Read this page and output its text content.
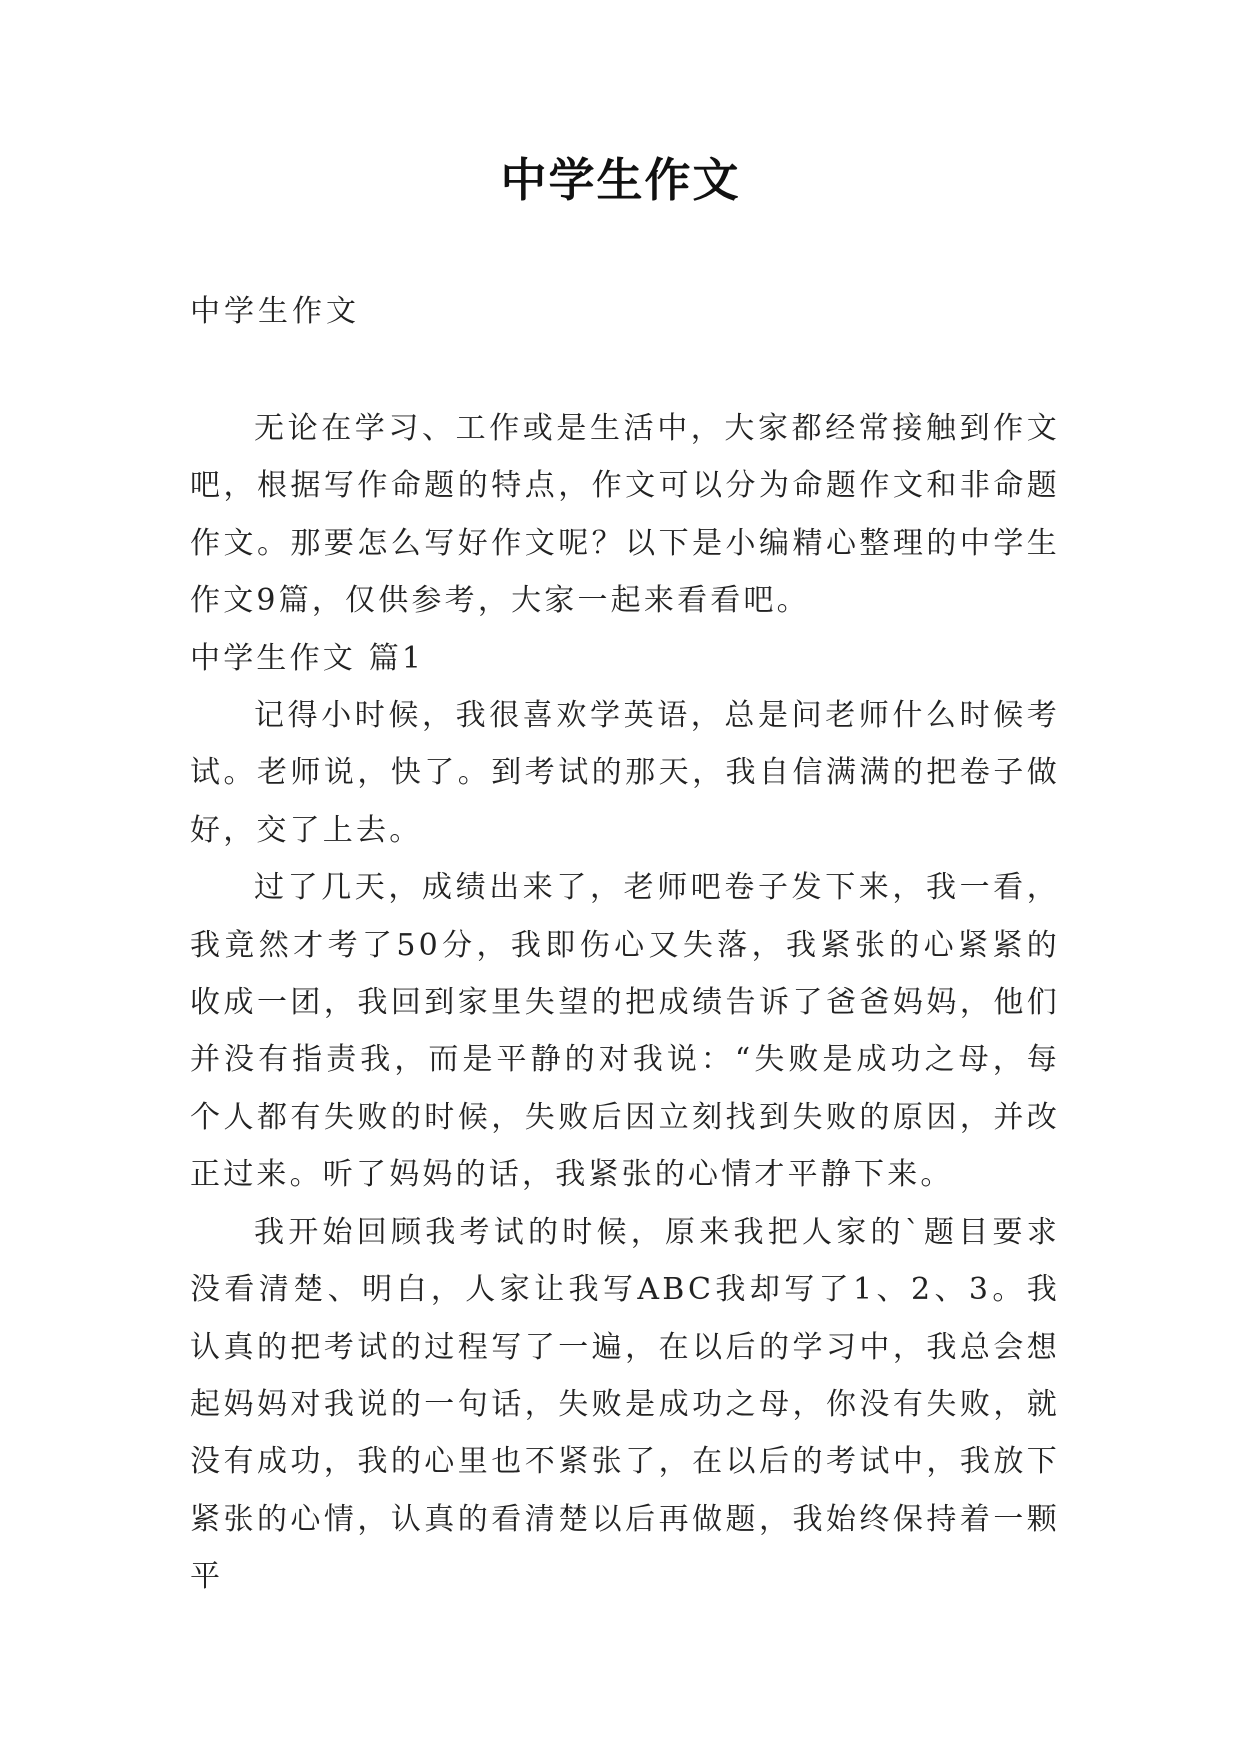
中学生作文
中学生作文

无论在学习、工作或是生活中，大家都经常接触到作文吧，根据写作命题的特点，作文可以分为命题作文和非命题作文。那要怎么写好作文呢？以下是小编精心整理的中学生作文9篇，仅供参考，大家一起来看看吧。

中学生作文 篇1

记得小时候，我很喜欢学英语，总是问老师什么时候考试。老师说，快了。到考试的那天，我自信满满的把卷子做好，交了上去。

过了几天，成绩出来了，老师吧卷子发下来，我一看，我竟然才考了50分，我即伤心又失落，我紧张的心紧紧的收成一团，我回到家里失望的把成绩告诉了爸爸妈妈，他们并没有指责我，而是平静的对我说：“失败是成功之母，每个人都有失败的时候，失败后因立刻找到失败的原因，并改正过来。听了妈妈的话，我紧张的心情才平静下来。

我开始回顾我考试的时候，原来我把人家的`题目要求没看清楚、明白，人家让我写ABC我却写了1、2、3。我认真的把考试的过程写了一遍，在以后的学习中，我总会想起妈妈对我说的一句话，失败是成功之母，你没有失败，就没有成功，我的心里也不紧张了，在以后的考试中，我放下紧张的心情，认真的看清楚以后再做题，我始终保持着一颗平
